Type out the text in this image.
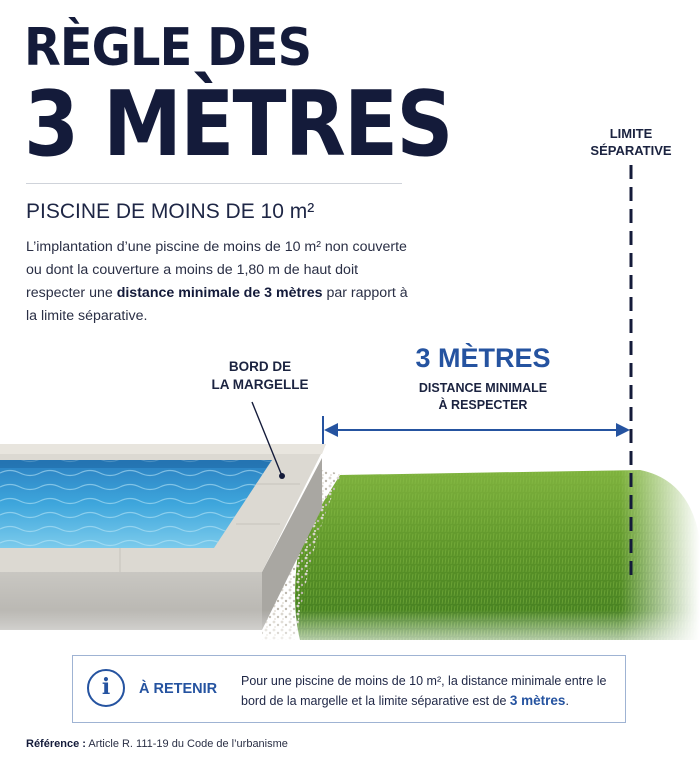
RÈGLE DES
3 MÈTRES
PISCINE DE MOINS DE 10 m²

L’implantation d’une piscine de moins de 10 m² non couverte ou dont la couverture a moins de 1,80 m de haut doit respecter une distance minimale de 3 mètres par rapport à la limite séparative.

LIMITE
SÉPARATIVE
BORD DE
LA MARGELLE
3 MÈTRES
DISTANCE MINIMALE
À RESPECTER
i	À RETENIR Pour une piscine de moins de 10 m², la distance minimale entre le bord de la margelle et la limite séparative est de 3 mètres.
Référence : Article R. 111-19 du Code de l’urbanisme
